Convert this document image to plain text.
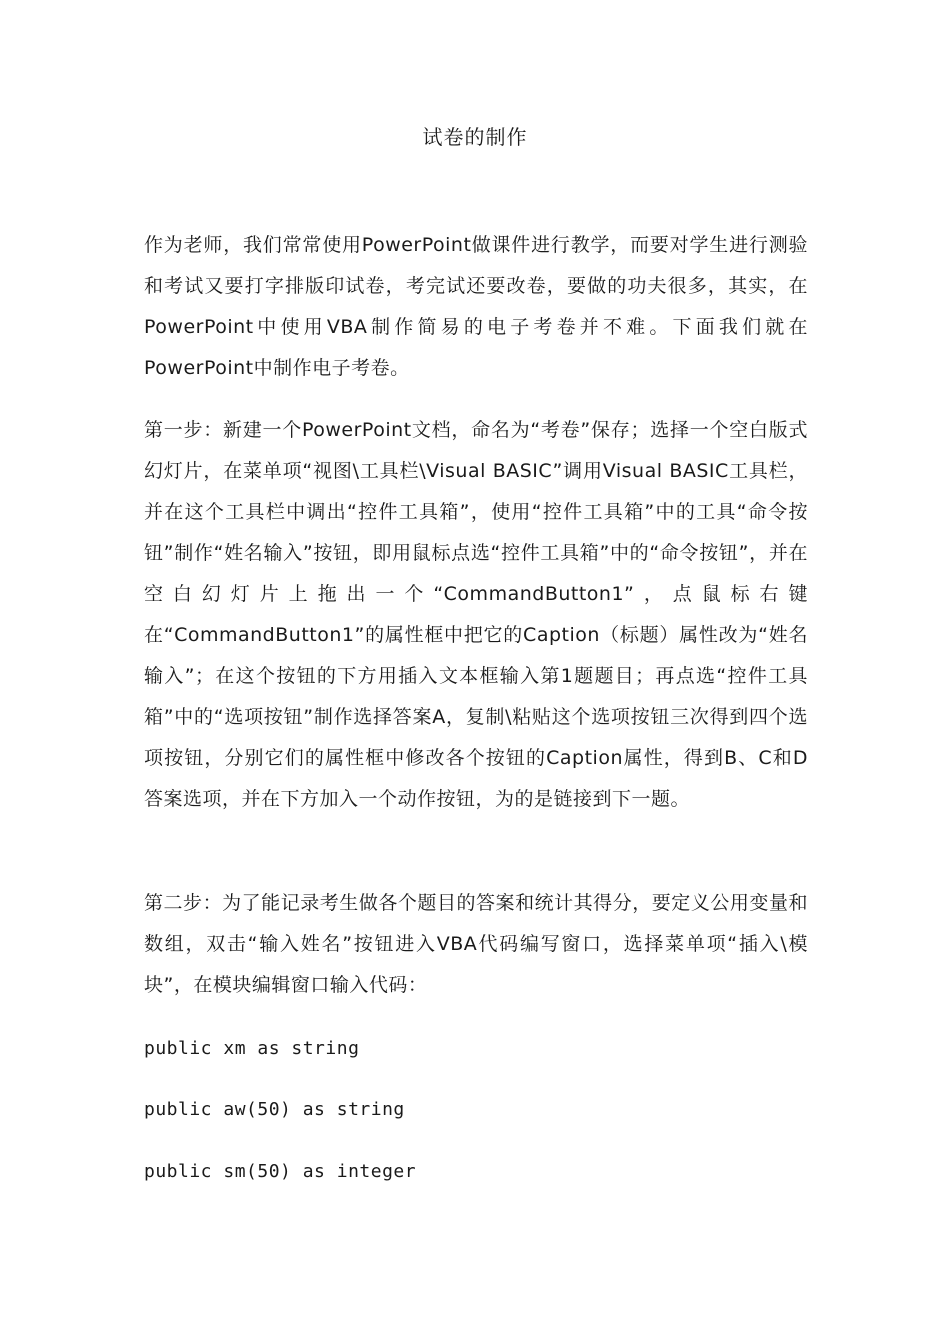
试卷的制作

作为老师，我们常常使用PowerPoint做课件进行教学，而要对学生进行测验和考试又要打字排版印试卷，考完试还要改卷，要做的功夫很多，其实，在PowerPoint中使用VBA制作简易的电子考卷并不难。下面我们就在PowerPoint中制作电子考卷。

第一步：新建一个PowerPoint文档，命名为“考卷”保存；选择一个空白版式幻灯片，在菜单项“视图\工具栏\Visual BASIC”调用Visual BASIC工具栏，并在这个工具栏中调出“控件工具箱”，使用“控件工具箱”中的工具“命令按钮”制作“姓名输入”按钮，即用鼠标点选“控件工具箱”中的“命令按钮”，并在空白幻灯片上拖出一个“CommandButton1”，点鼠标右键在“CommandButton1”的属性框中把它的Caption（标题）属性改为“姓名输入”；在这个按钮的下方用插入文本框输入第1题题目；再点选“控件工具箱”中的“选项按钮”制作选择答案A，复制\粘贴这个选项按钮三次得到四个选项按钮，分别它们的属性框中修改各个按钮的Caption属性，得到B、C和D答案选项，并在下方加入一个动作按钮，为的是链接到下一题。

第二步：为了能记录考生做各个题目的答案和统计其得分，要定义公用变量和数组，双击“输入姓名”按钮进入VBA代码编写窗口，选择菜单项“插入\模块”，在模块编辑窗口输入代码：

public xm as string

public aw(50) as string

public sm(50) as integer
